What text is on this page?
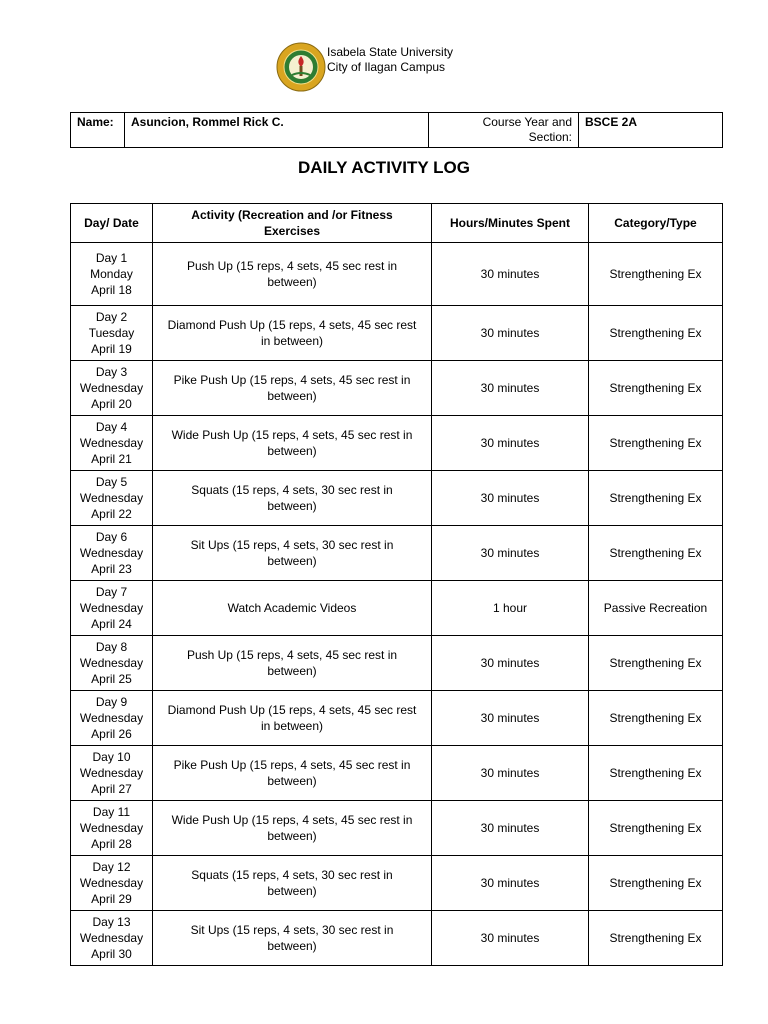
Isabela State University
City of Ilagan Campus
Name:	Asuncion, Rommel Rick C.	Course Year and
Section:
	BSCE 2A
DAILY ACTIVITY LOG
Day/ Date	Activity (Recreation and /or Fitness
Exercises	Hours/Minutes Spent	Category/Type

Day 1
Monday
April 18	Push Up (15 reps, 4 sets, 45 sec rest in
between)	30 minutes	Strengthening Ex

Day 2
Tuesday
April 19	Diamond Push Up (15 reps, 4 sets, 45 sec rest
in between)	30 minutes	Strengthening Ex

Day 3
Wednesday
April 20	Pike Push Up (15 reps, 4 sets, 45 sec rest in
between)	30 minutes	Strengthening Ex

Day 4
Wednesday
April 21	Wide Push Up (15 reps, 4 sets, 45 sec rest in
between)	30 minutes	Strengthening Ex

Day 5
Wednesday
April 22	Squats (15 reps, 4 sets, 30 sec rest in
between)	30 minutes	Strengthening Ex

Day 6
Wednesday
April 23	Sit Ups (15 reps, 4 sets, 30 sec rest in
between)	30 minutes	Strengthening Ex

Day 7
Wednesday
April 24	Watch Academic Videos	1 hour	Passive Recreation

Day 8
Wednesday
April 25	Push Up (15 reps, 4 sets, 45 sec rest in
between)	30 minutes	Strengthening Ex

Day 9
Wednesday
April 26	Diamond Push Up (15 reps, 4 sets, 45 sec rest
in between)	30 minutes	Strengthening Ex

Day 10
Wednesday
April 27	Pike Push Up (15 reps, 4 sets, 45 sec rest in
between)	30 minutes	Strengthening Ex

Day 11
Wednesday
April 28	Wide Push Up (15 reps, 4 sets, 45 sec rest in
between)	30 minutes	Strengthening Ex

Day 12
Wednesday
April 29	Squats (15 reps, 4 sets, 30 sec rest in
between)	30 minutes	Strengthening Ex

Day 13
Wednesday
April 30	Sit Ups (15 reps, 4 sets, 30 sec rest in
between)	30 minutes	Strengthening Ex
